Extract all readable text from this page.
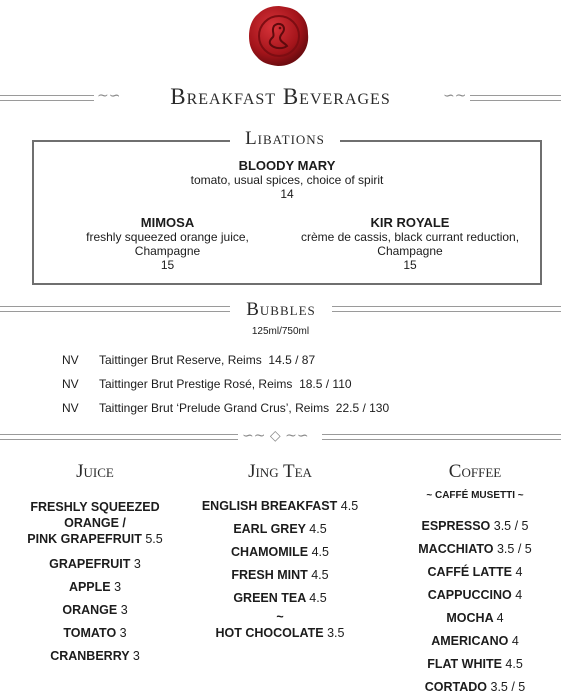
~∽	∽~
Breakfast Beverages
Libations
BLOODY MARY
tomato, usual spices, choice of spirit
14
MIMOSA
freshly squeezed orange juice,
Champagne
15
KIR ROYALE
crème de cassis, black currant reduction,
Champagne
15
Bubbles
125ml/750ml
NV Taittinger Brut Reserve, Reims 14.5 / 87
NV Taittinger Brut Prestige Rosé, Reims 18.5 / 110
NV Taittinger Brut ‘Prelude Grand Crus’, Reims 22.5 / 130
∽~ ◇ ~∽
Juice
FRESHLY SQUEEZED
ORANGE /
PINK GRAPEFRUIT 5.5
GRAPEFRUIT 3
APPLE 3
ORANGE 3
TOMATO 3
CRANBERRY 3
Jing Tea
ENGLISH BREAKFAST 4.5
EARL GREY 4.5
CHAMOMILE 4.5
FRESH MINT 4.5
GREEN TEA 4.5
~
HOT CHOCOLATE 3.5
Coffee
~ CAFFÉ MUSETTI ~
ESPRESSO 3.5 / 5
MACCHIATO 3.5 / 5
CAFFÉ LATTE 4
CAPPUCCINO 4
MOCHA 4
AMERICANO 4
FLAT WHITE 4.5
CORTADO 3.5 / 5
